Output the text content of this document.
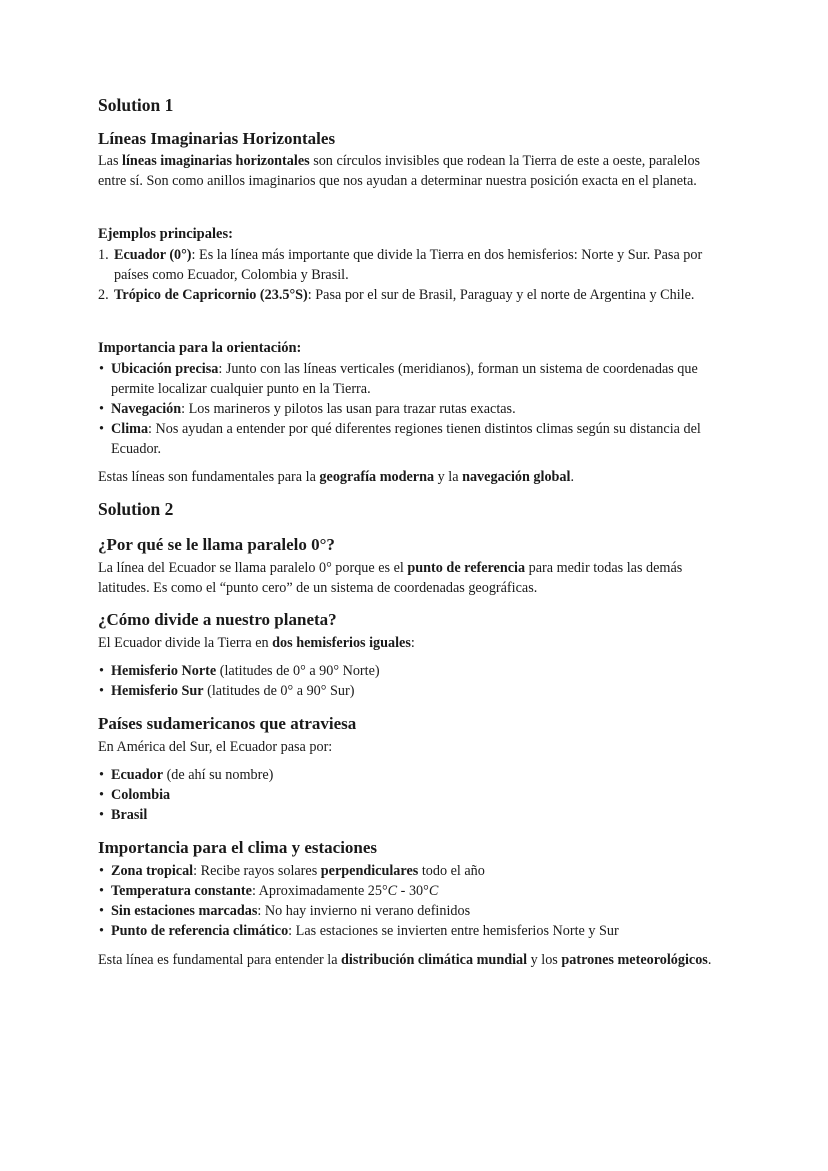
Solution 1
Líneas Imaginarias Horizontales

Las líneas imaginarias horizontales son círculos invisibles que rodean la Tierra de este a oeste, paralelos entre sí. Son como anillos imaginarios que nos ayudan a determinar nuestra posición exacta en el planeta.

Ejemplos principales:
1. Ecuador (0°): Es la línea más importante que divide la Tierra en dos hemisferios: Norte y Sur. Pasa por países como Ecuador, Colombia y Brasil.
2. Trópico de Capricornio (23.5°S): Pasa por el sur de Brasil, Paraguay y el norte de Argentina y Chile.
Importancia para la orientación:
• Ubicación precisa: Junto con las líneas verticales (meridianos), forman un sistema de coordenadas que permite localizar cualquier punto en la Tierra.
• Navegación: Los marineros y pilotos las usan para trazar rutas exactas.
• Clima: Nos ayudan a entender por qué diferentes regiones tienen distintos climas según su distancia del Ecuador.

Estas líneas son fundamentales para la geografía moderna y la navegación global.

Solution 2
¿Por qué se le llama paralelo 0°?

La línea del Ecuador se llama paralelo 0° porque es el punto de referencia para medir todas las demás latitudes. Es como el “punto cero” de un sistema de coordenadas geográficas.

¿Cómo divide a nuestro planeta?

El Ecuador divide la Tierra en dos hemisferios iguales:

• Hemisferio Norte (latitudes de 0° a 90° Norte)
• Hemisferio Sur (latitudes de 0° a 90° Sur)
Países sudamericanos que atraviesa

En América del Sur, el Ecuador pasa por:

• Ecuador (de ahí su nombre)
• Colombia
• Brasil
Importancia para el clima y estaciones
• Zona tropical: Recibe rayos solares perpendiculares todo el año
• Temperatura constante: Aproximadamente 25°C - 30°C
• Sin estaciones marcadas: No hay invierno ni verano definidos
• Punto de referencia climático: Las estaciones se invierten entre hemisferios Norte y Sur

Esta línea es fundamental para entender la distribución climática mundial y los patrones meteorológicos.
